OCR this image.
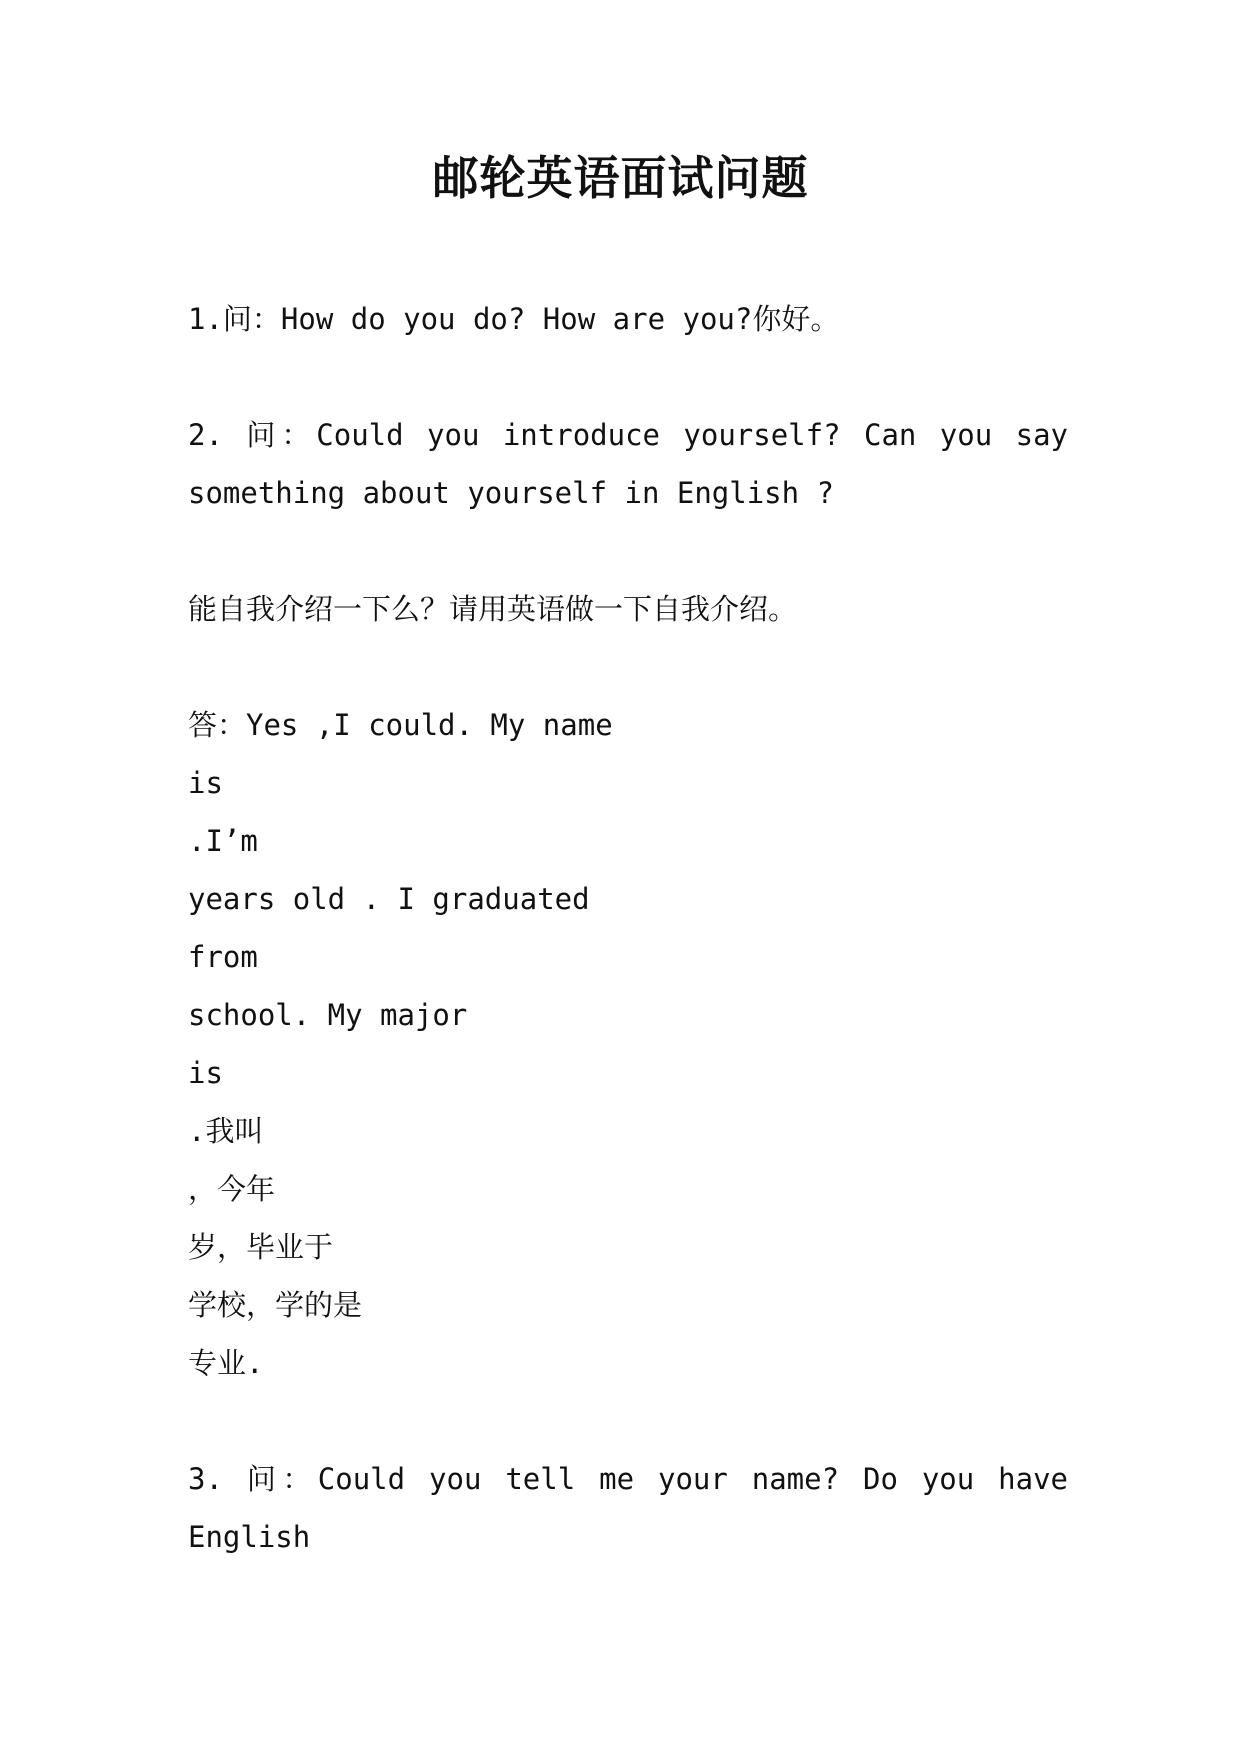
邮轮英语面试问题
1.问：How do you do? How are you?你好。
2. 问：Could you introduce yourself? Can you say
something about yourself in English ?
能自我介绍一下么？请用英语做一下自我介绍。
答：Yes ,I could. My name
is
.I’m
years old . I graduated
from
school. My major
is
.我叫
，今年
岁，毕业于
学校，学的是
专业.
3. 问：Could you tell me your name? Do you have
English
